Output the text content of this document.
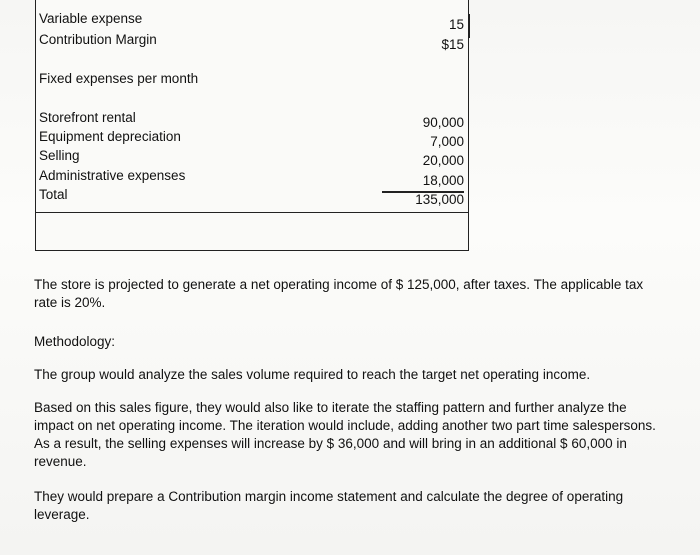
Variable expense	15
Contribution Margin	$15
Fixed expenses per month
Storefront rental	90,000
Equipment depreciation	7,000
Selling	20,000
Administrative expenses	18,000
Total	135,000
The store is projected to generate a net operating income of $ 125,000, after taxes. The applicable tax rate is 20%.
Methodology:
The group would analyze the sales volume required to reach the target net operating income.
Based on this sales figure, they would also like to iterate the staffing pattern and further analyze the impact on net operating income. The iteration would include, adding another two part time salespersons. As a result, the selling expenses will increase by $ 36,000 and will bring in an additional $ 60,000 in revenue.
They would prepare a Contribution margin income statement and calculate the degree of operating leverage.
